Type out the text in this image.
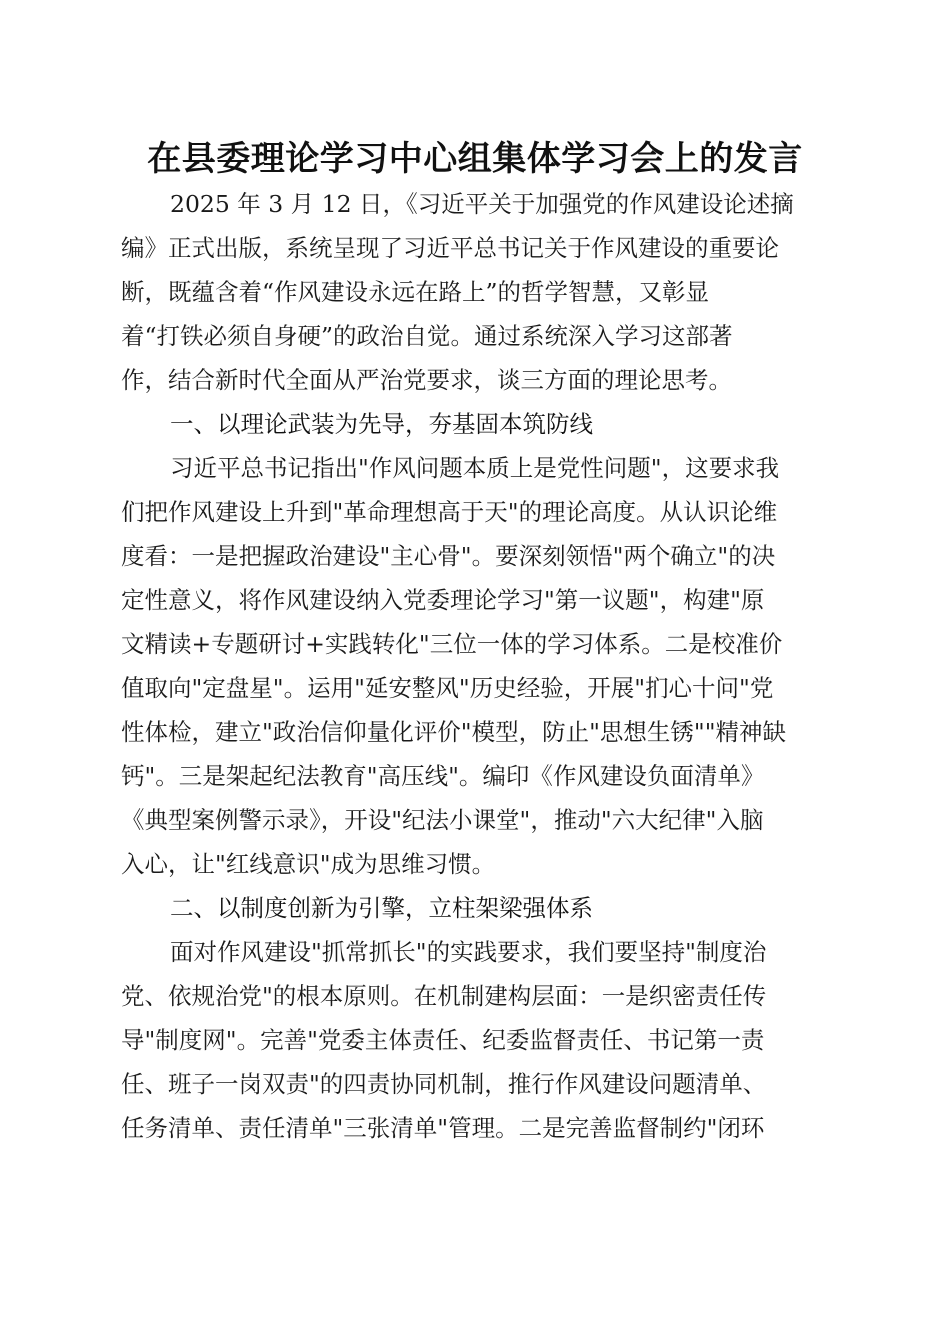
在县委理论学习中心组集体学习会上的发言
2025 年 3 月 12 日，《习近平关于加强党的作风建设论述摘
编》正式出版，系统呈现了习近平总书记关于作风建设的重要论
断，既蕴含着“作风建设永远在路上”的哲学智慧，又彰显
着“打铁必须自身硬”的政治自觉。通过系统深入学习这部著
作，结合新时代全面从严治党要求，谈三方面的理论思考。
一、以理论武装为先导，夯基固本筑防线
习近平总书记指出"作风问题本质上是党性问题"，这要求我
们把作风建设上升到"革命理想高于天"的理论高度。从认识论维
度看：一是把握政治建设"主心骨"。要深刻领悟"两个确立"的决
定性意义，将作风建设纳入党委理论学习"第一议题"，构建"原
文精读+专题研讨+实践转化"三位一体的学习体系。二是校准价
值取向"定盘星"。运用"延安整风"历史经验，开展"扪心十问"党
性体检，建立"政治信仰量化评价"模型，防止"思想生锈""精神缺
钙"。三是架起纪法教育"高压线"。编印《作风建设负面清单》
《典型案例警示录》，开设"纪法小课堂"，推动"六大纪律"入脑
入心，让"红线意识"成为思维习惯。
二、以制度创新为引擎，立柱架梁强体系
面对作风建设"抓常抓长"的实践要求，我们要坚持"制度治
党、依规治党"的根本原则。在机制建构层面：一是织密责任传
导"制度网"。完善"党委主体责任、纪委监督责任、书记第一责
任、班子一岗双责"的四责协同机制，推行作风建设问题清单、
任务清单、责任清单"三张清单"管理。二是完善监督制约"闭环
